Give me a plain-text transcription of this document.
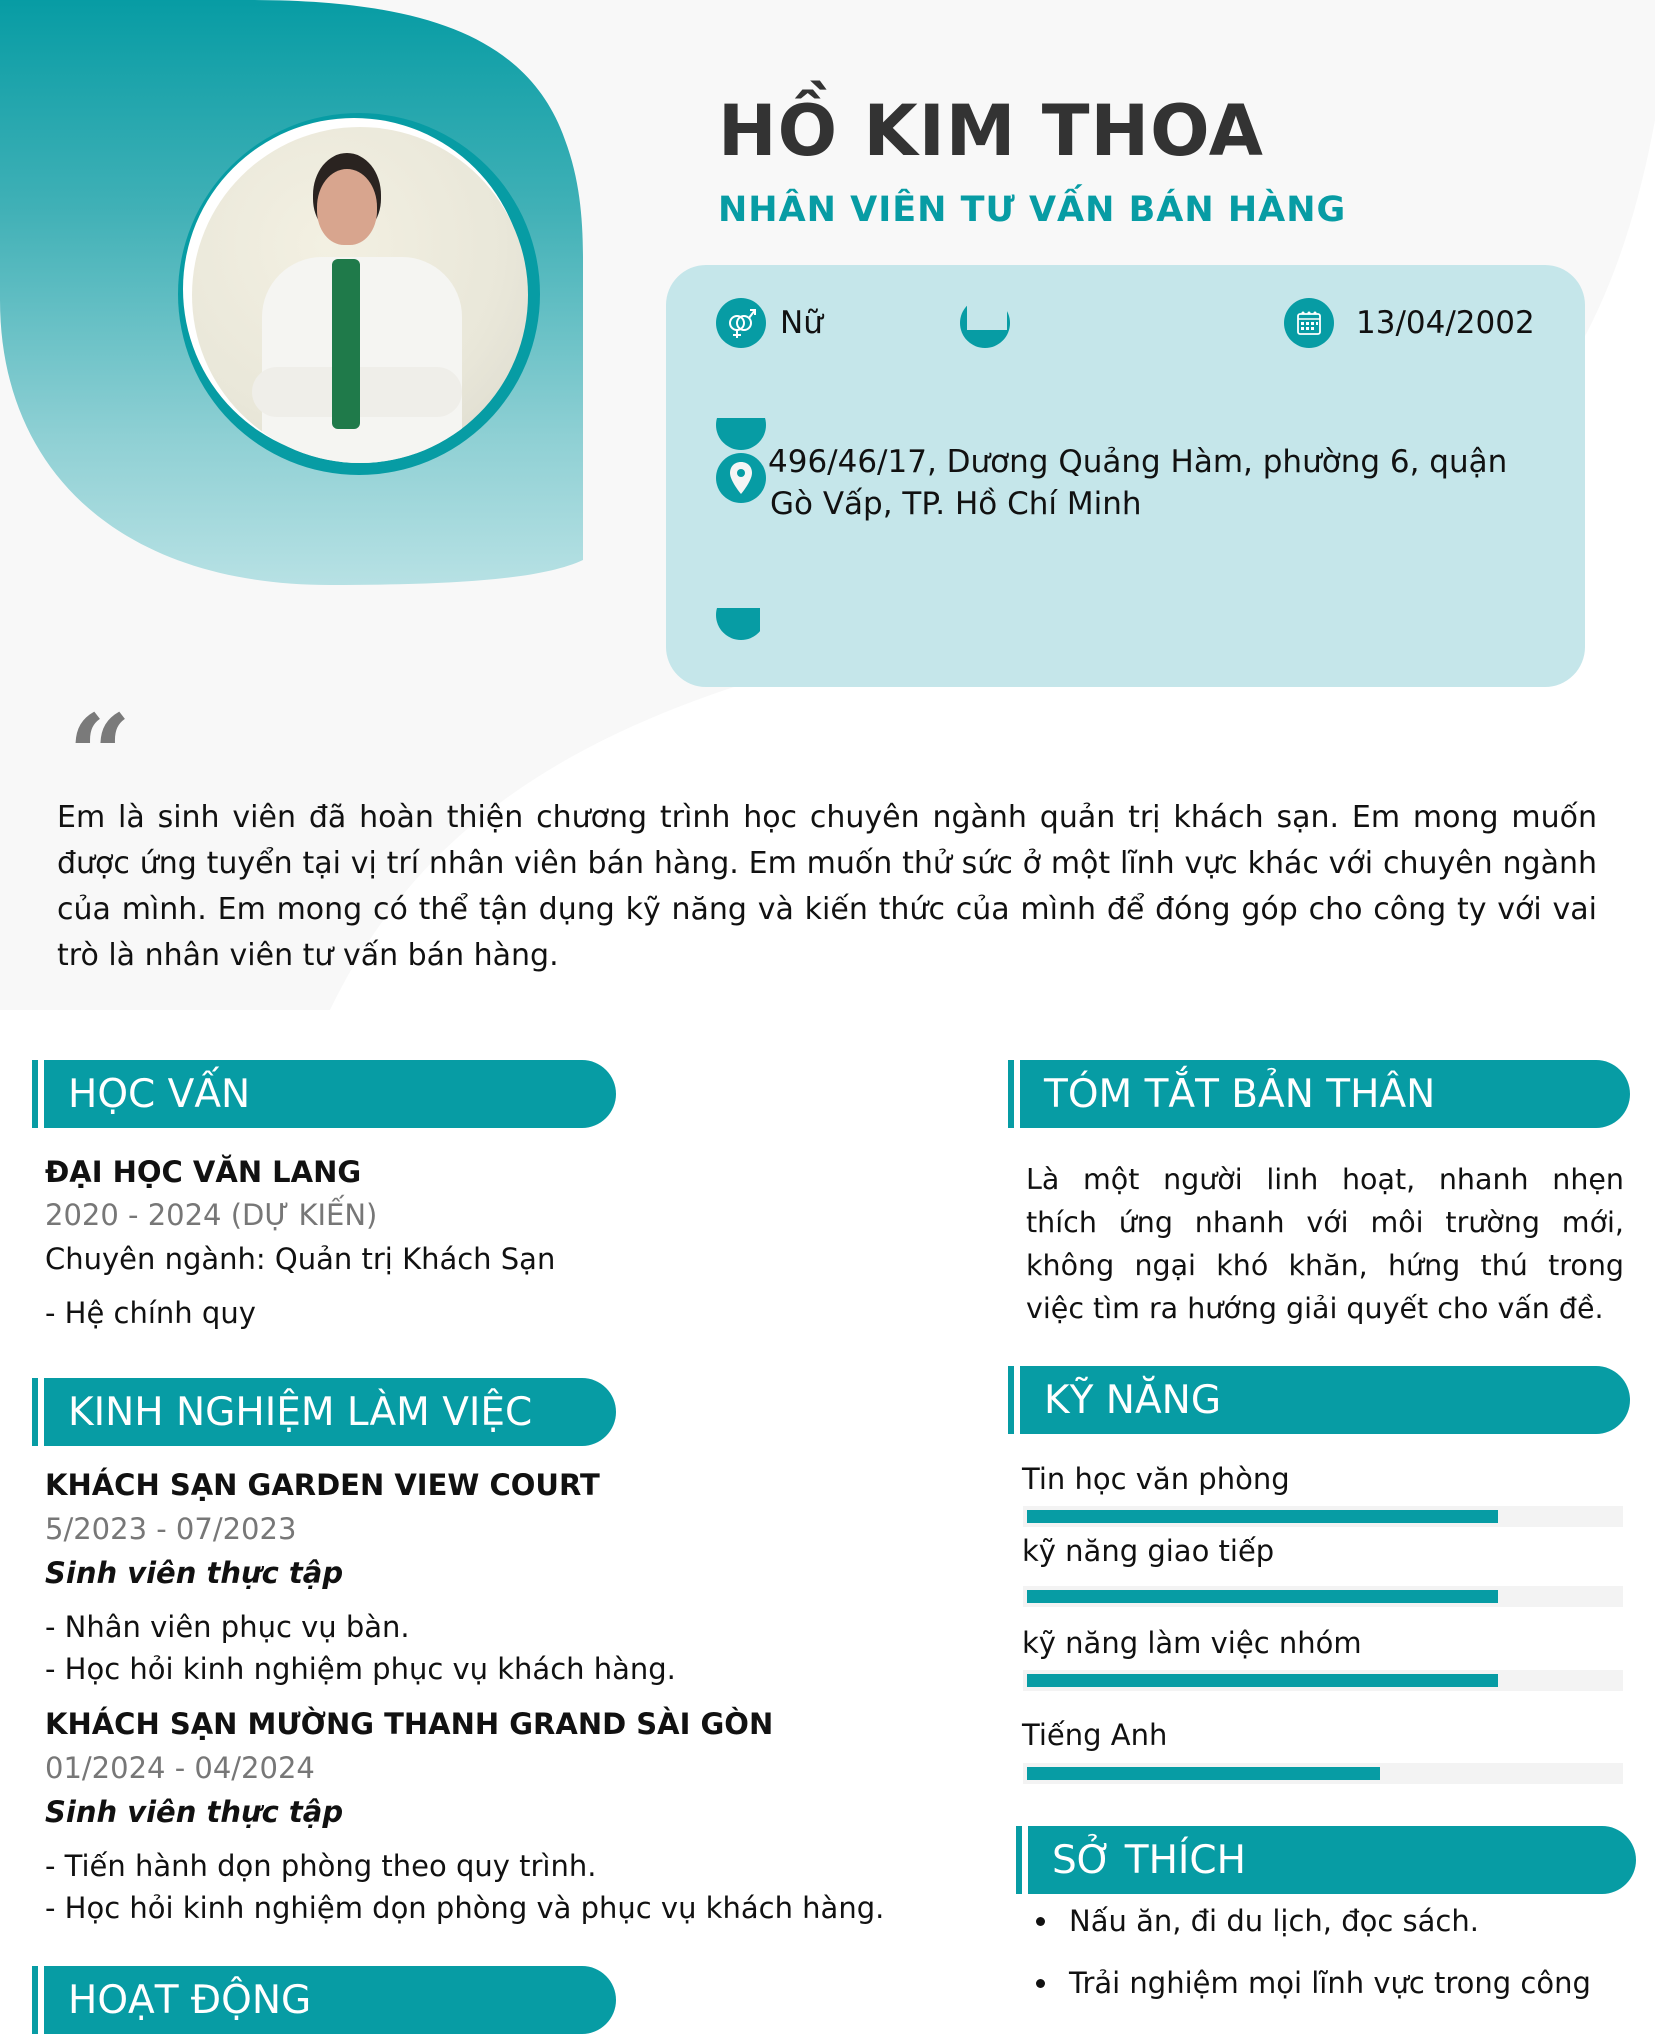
HỒ KIM THOA
NHÂN VIÊN TƯ VẤN BÁN HÀNG
Nữ	13/04/2002
496/46/17, Dương Quảng Hàm, phường 6, quận
Gò Vấp, TP. Hồ Chí Minh
“
Em là sinh viên đã hoàn thiện chương trình học chuyên ngành quản trị khách sạn. Em mong muốn được ứng tuyển tại vị trí nhân viên bán hàng. Em muốn thử sức ở một lĩnh vực khác với chuyên ngành của mình. Em mong có thể tận dụng kỹ năng và kiến thức của mình để đóng góp cho công ty với vai trò là nhân viên tư vấn bán hàng.
HỌC VẤN
ĐẠI HỌC VĂN LANG
2020 - 2024 (DỰ KIẾN)
Chuyên ngành: Quản trị Khách Sạn
- Hệ chính quy
KINH NGHIỆM LÀM VIỆC
KHÁCH SẠN GARDEN VIEW COURT
5/2023 - 07/2023
Sinh viên thực tập
- Nhân viên phục vụ bàn.
- Học hỏi kinh nghiệm phục vụ khách hàng.
KHÁCH SẠN MƯỜNG THANH GRAND SÀI GÒN
01/2024 - 04/2024
Sinh viên thực tập
- Tiến hành dọn phòng theo quy trình.
- Học hỏi kinh nghiệm dọn phòng và phục vụ khách hàng.
HOẠT ĐỘNG
TÓM TẮT BẢN THÂN
Là một người linh hoạt, nhanh nhẹn
thích ứng nhanh với môi trường mới,
không ngại khó khăn, hứng thú trong
việc tìm ra hướng giải quyết cho vấn đề.
KỸ NĂNG
Tin học văn phòng
kỹ năng giao tiếp
kỹ năng làm việc nhóm
Tiếng Anh
SỞ THÍCH
Nấu ăn, đi du lịch, đọc sách.
Trải nghiệm mọi lĩnh vực trong công
